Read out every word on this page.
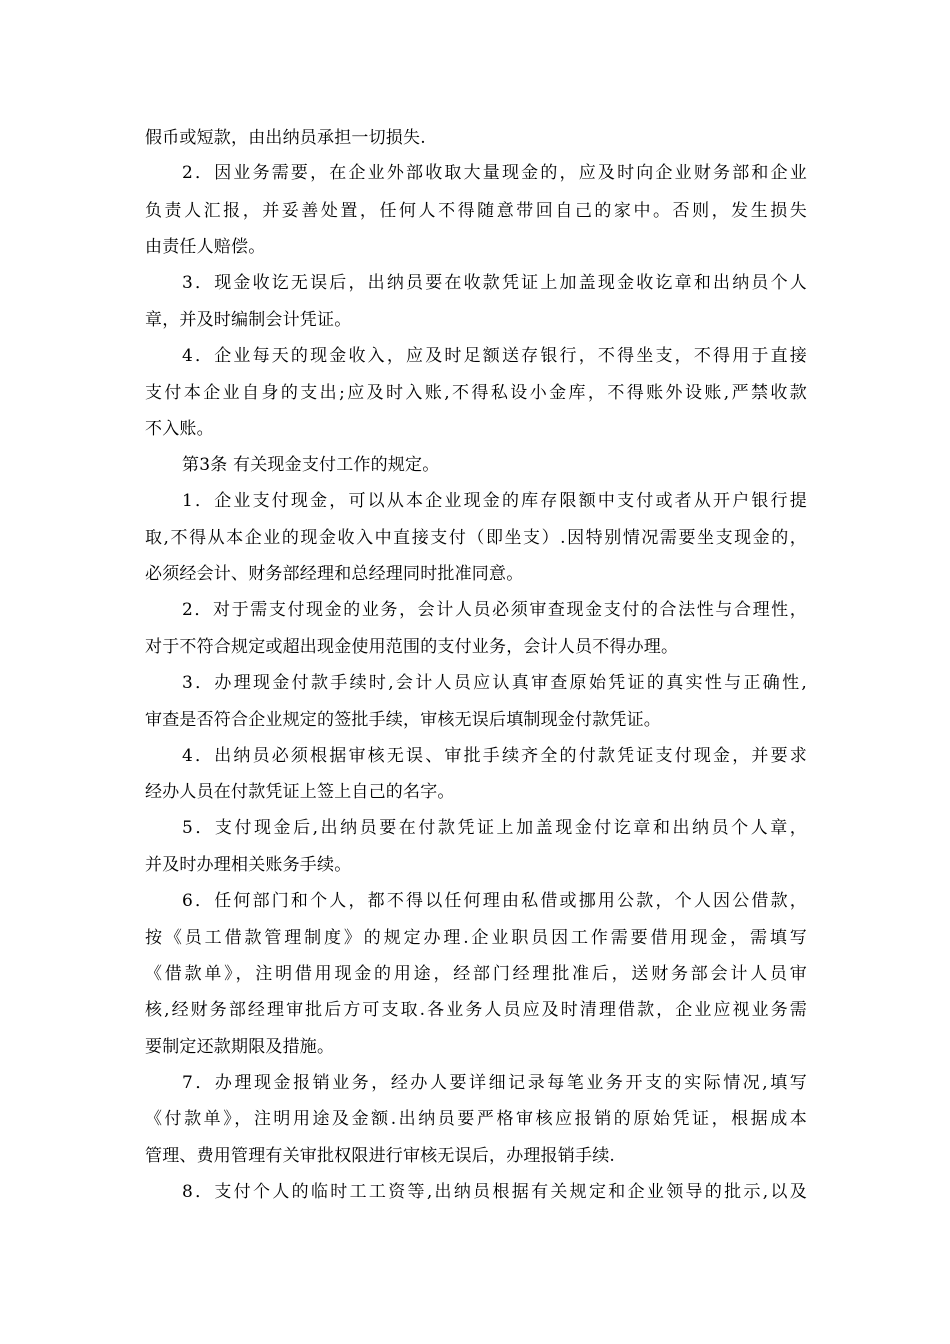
假币或短款，由出纳员承担一切损失.
2．因业务需要，在企业外部收取大量现金的，应及时向企业财务部和企业
负责人汇报，并妥善处置，任何人不得随意带回自己的家中。否则，发生损失
由责任人赔偿。
3．现金收讫无误后，出纳员要在收款凭证上加盖现金收讫章和出纳员个人
章，并及时编制会计凭证。
4．企业每天的现金收入，应及时足额送存银行，不得坐支，不得用于直接
支付本企业自身的支出;应及时入账,不得私设小金库，不得账外设账,严禁收款
不入账。
第3条 有关现金支付工作的规定。
1．企业支付现金，可以从本企业现金的库存限额中支付或者从开户银行提
取,不得从本企业的现金收入中直接支付（即坐支）.因特别情况需要坐支现金的，
必须经会计、财务部经理和总经理同时批准同意。
2．对于需支付现金的业务，会计人员必须审查现金支付的合法性与合理性，
对于不符合规定或超出现金使用范围的支付业务，会计人员不得办理。
3．办理现金付款手续时,会计人员应认真审查原始凭证的真实性与正确性,
审查是否符合企业规定的签批手续，审核无误后填制现金付款凭证。
4．出纳员必须根据审核无误、审批手续齐全的付款凭证支付现金，并要求
经办人员在付款凭证上签上自己的名字。
5．支付现金后,出纳员要在付款凭证上加盖现金付讫章和出纳员个人章，
并及时办理相关账务手续。
6．任何部门和个人，都不得以任何理由私借或挪用公款，个人因公借款，
按《员工借款管理制度》的规定办理.企业职员因工作需要借用现金，需填写
《借款单》，注明借用现金的用途，经部门经理批准后，送财务部会计人员审
核,经财务部经理审批后方可支取.各业务人员应及时清理借款，企业应视业务需
要制定还款期限及措施。
7．办理现金报销业务，经办人要详细记录每笔业务开支的实际情况,填写
《付款单》，注明用途及金额.出纳员要严格审核应报销的原始凭证，根据成本
管理、费用管理有关审批权限进行审核无误后，办理报销手续.
8．支付个人的临时工工资等,出纳员根据有关规定和企业领导的批示,以及
